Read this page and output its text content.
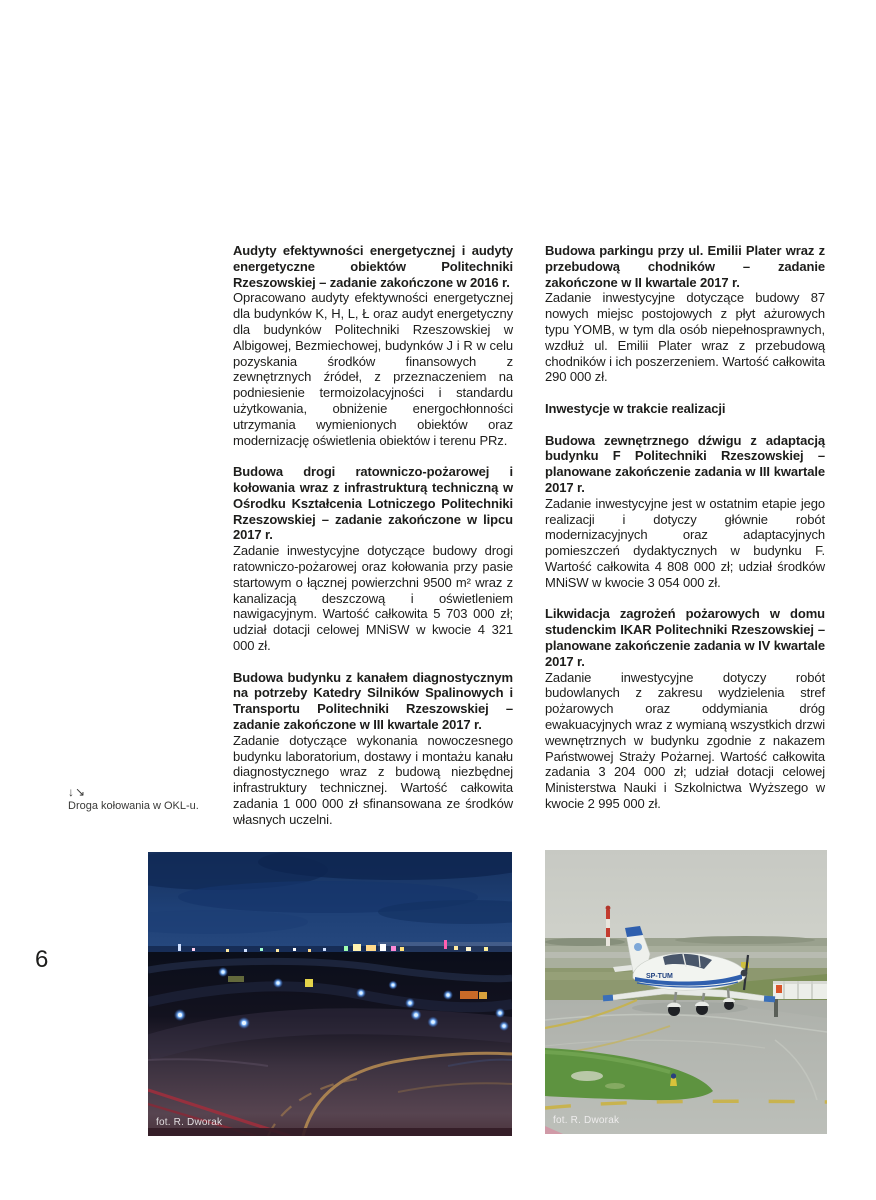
6
↓↘
Droga kołowania w OKL-u.
Audyty efektywności energetycznej i audyty energetyczne obiektów Politechniki Rzeszowskiej – zadanie zakończone w 2016 r.

Opracowano audyty efektywności energetycznej dla budynków K, H, L, Ł oraz audyt energetyczny dla budynków Politechniki Rzeszowskiej w Albigowej, Bezmiechowej, budynków J i R w celu pozyskania środków finansowych z zewnętrznych źródeł, z przeznaczeniem na podniesienie termoizolacyjności i standardu użytkowania, obniżenie energochłonności utrzymania wymienionych obiektów oraz modernizację oświetlenia obiektów i terenu PRz.

Budowa drogi ratowniczo-pożarowej i kołowania wraz z infrastrukturą techniczną w Ośrodku Kształcenia Lotniczego Politechniki Rzeszowskiej – zadanie zakończone w lipcu 2017 r.

Zadanie inwestycyjne dotyczące budowy drogi ratowniczo-pożarowej oraz kołowania przy pasie startowym o łącznej powierzchni 9500 m² wraz z kanalizacją deszczową i oświetleniem nawigacyjnym. Wartość całkowita 5 703 000 zł; udział dotacji celowej MNiSW w kwocie 4 321 000 zł.

Budowa budynku z kanałem diagnostycznym na potrzeby Katedry Silników Spalinowych i Transportu Politechniki Rzeszowskiej – zadanie zakończone w III kwartale 2017 r.

Zadanie dotyczące wykonania nowoczesnego budynku laboratorium, dostawy i montażu kanału diagnostycznego wraz z budową niezbędnej infrastruktury technicznej. Wartość całkowita zadania 1 000 000 zł sfinansowana ze środków własnych uczelni.

Budowa parkingu przy ul. Emilii Plater wraz z przebudową chodników – zadanie zakończone w II kwartale 2017 r.

Zadanie inwestycyjne dotyczące budowy 87 nowych miejsc postojowych z płyt ażurowych typu YOMB, w tym dla osób niepełnosprawnych, wzdłuż ul. Emilii Plater wraz z przebudową chodników i ich poszerzeniem. Wartość całkowita 290 000 zł.

Inwestycje w trakcie realizacji

Budowa zewnętrznego dźwigu z adaptacją budynku F Politechniki Rzeszowskiej – planowane zakończenie zadania w III kwartale 2017 r.

Zadanie inwestycyjne jest w ostatnim etapie jego realizacji i dotyczy głównie robót modernizacyjnych oraz adaptacyjnych pomieszczeń dydaktycznych w budynku F. Wartość całkowita 4 808 000 zł; udział środków MNiSW w kwocie 3 054 000 zł.

Likwidacja zagrożeń pożarowych w domu studenckim IKAR Politechniki Rzeszowskiej – planowane zakończenie zadania w IV kwartale 2017 r.

Zadanie inwestycyjne dotyczy robót budowlanych z zakresu wydzielenia stref pożarowych oraz oddymiania dróg ewakuacyjnych wraz z wymianą wszystkich drzwi wewnętrznych w budynku zgodnie z nakazem Państwowej Straży Pożarnej. Wartość całkowita zadania 3 204 000 zł; udział dotacji celowej Ministerstwa Nauki i Szkolnictwa Wyższego w kwocie 2 995 000 zł.

fot. R. Dworak
SP-TUM
fot. R. Dworak
